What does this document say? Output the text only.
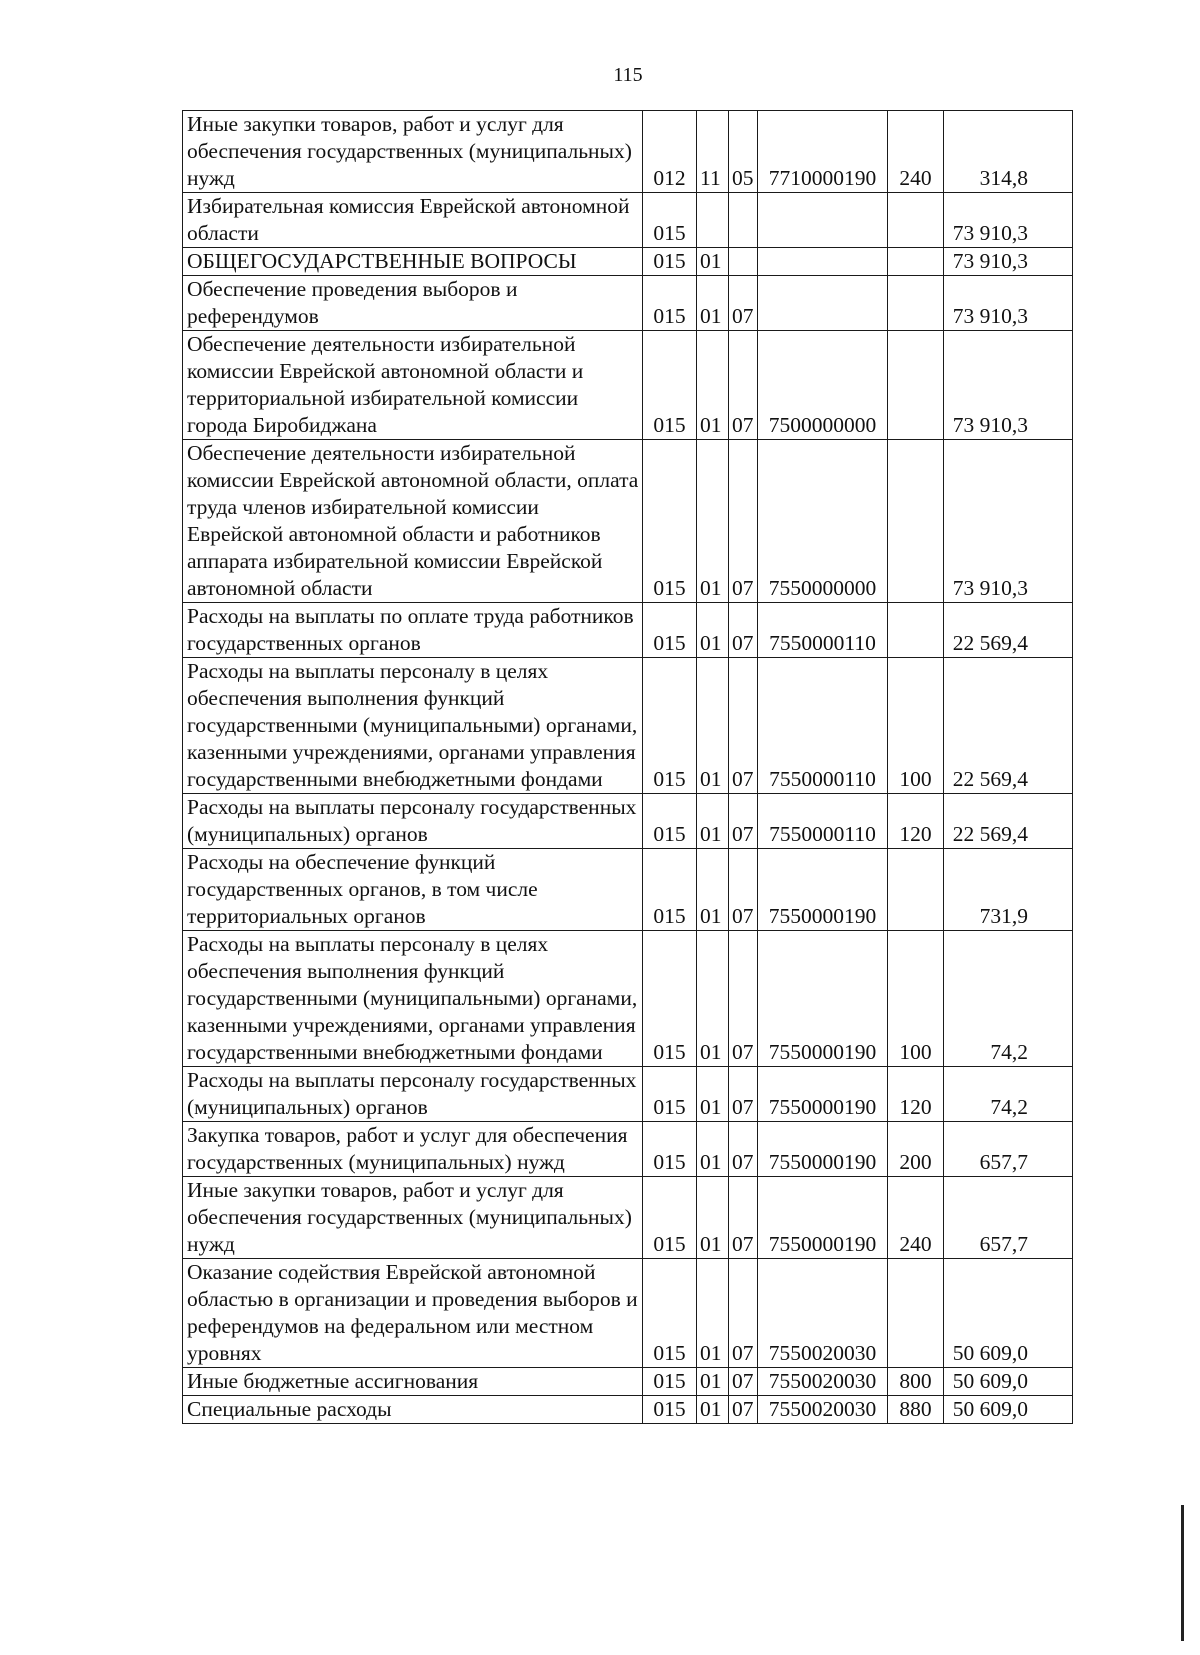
115
Иные закупки товаров, работ и услуг для обеспечения государственных (муниципальных) нужд	012	11	05	7710000190	240	314,8
Избирательная комиссия Еврейской автономной области	015					73 910,3
ОБЩЕГОСУДАРСТВЕННЫЕ ВОПРОСЫ	015	01				73 910,3
Обеспечение проведения выборов и референдумов	015	01	07			73 910,3
Обеспечение деятельности избирательной комиссии Еврейской автономной области и территориальной избирательной комиссии города Биробиджана	015	01	07	7500000000		73 910,3
Обеспечение деятельности избирательной комиссии Еврейской автономной области, оплата труда членов избирательной комиссии Еврейской автономной области и работников аппарата избирательной комиссии Еврейской автономной области	015	01	07	7550000000		73 910,3
Расходы на выплаты по оплате труда работников государственных органов	015	01	07	7550000110		22 569,4
Расходы на выплаты персоналу в целях обеспечения выполнения функций государственными (муниципальными) органами, казенными учреждениями, органами управления государственными внебюджетными фондами	015	01	07	7550000110	100	22 569,4
Расходы на выплаты персоналу государственных (муниципальных) органов	015	01	07	7550000110	120	22 569,4
Расходы на обеспечение функций государственных органов, в том числе территориальных органов	015	01	07	7550000190		731,9
Расходы на выплаты персоналу в целях обеспечения выполнения функций государственными (муниципальными) органами, казенными учреждениями, органами управления государственными внебюджетными фондами	015	01	07	7550000190	100	74,2
Расходы на выплаты персоналу государственных (муниципальных) органов	015	01	07	7550000190	120	74,2
Закупка товаров, работ и услуг для обеспечения государственных (муниципальных) нужд	015	01	07	7550000190	200	657,7
Иные закупки товаров, работ и услуг для обеспечения государственных (муниципальных) нужд	015	01	07	7550000190	240	657,7
Оказание содействия Еврейской автономной областью в организации и проведения выборов и референдумов на федеральном или местном уровнях	015	01	07	7550020030		50 609,0
Иные бюджетные ассигнования	015	01	07	7550020030	800	50 609,0
Специальные расходы	015	01	07	7550020030	880	50 609,0
